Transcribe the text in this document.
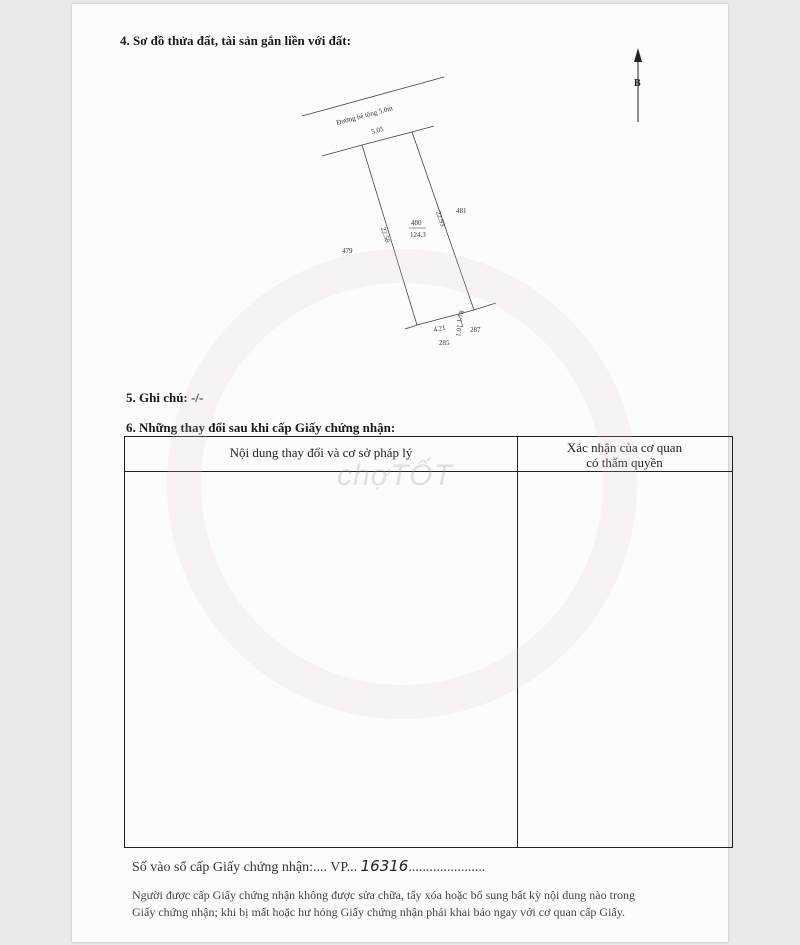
4. Sơ đồ thửa đất, tài sản gắn liền với đất:
B
Đường bê tông 5.0m
5.05
22.93
22.58
480
124.3
479
481
4.21
1.78
1.01
285
287
5. Ghi chú: -/-
6. Những thay đổi sau khi cấp Giấy chứng nhận:
Nội dung thay đổi và cơ sở pháp lý	Xác nhận của cơ quan
có thẩm quyền
chợTỐT
Số vào sổ cấp Giấy chứng nhận:.... VP... 16316......................
Người được cấp Giấy chứng nhận không được sửa chữa, tẩy xóa hoặc bổ sung bất kỳ nội dung nào trong
Giấy chứng nhận; khi bị mất hoặc hư hỏng Giấy chứng nhận phải khai báo ngay với cơ quan cấp Giấy.
